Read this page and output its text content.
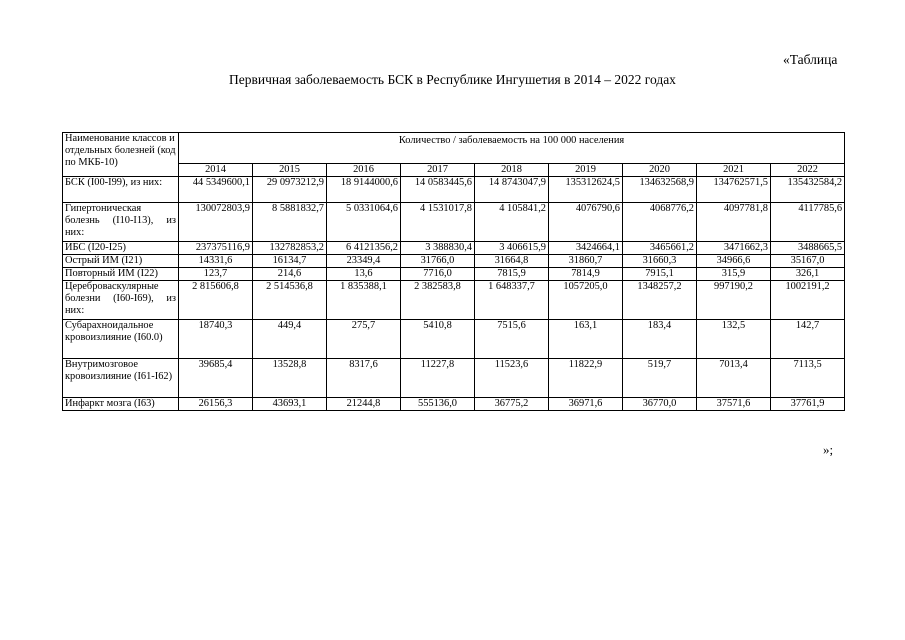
«Таблица
Первичная заболеваемость БСК в Республике Ингушетия в 2014 – 2022 годах
Наименование классов и отдельных болезней (код по МКБ-10)	Количество / заболеваемость на 100 000 населения								
	2014	2015	2016	2017	2018	2019	2020	2021	2022
БСК (I00-I99), из них:	44 5349600,1	29 0973212,9	18 9144000,6	14 0583445,6	14 8743047,9	135312624,5	134632568,9	134762571,5	135432584,2
Гипертоническая болезнь (I10-I13), из них:	130072803,9	8 5881832,7	5 0331064,6	4 1531017,8	4 105841,2	4076790,6	4068776,2	4097781,8	4117785,6
ИБС (I20-I25)	237375116,9	132782853,2	6 4121356,2	3 388830,4	3 406615,9	3424664,1	3465661,2	3471662,3	3488665,5
Острый ИМ (I21)	14331,6	16134,7	23349,4	31766,0	31664,8	31860,7	31660,3	34966,6	35167,0
Повторный ИМ (I22)	123,7	214,6	13,6	7716,0	7815,9	7814,9	7915,1	315,9	326,1
Цереброваскулярные болезни (I60-I69), из них:	2 815606,8	2 514536,8	1 835388,1	2 382583,8	1 648337,7	1057205,0	1348257,2	997190,2	1002191,2
Субарахноидальное кровоизлияние (I60.0)	18740,3	449,4	275,7	5410,8	7515,6	163,1	183,4	132,5	142,7
Внутримозговое кровоизлияние (I61-I62)	39685,4	13528,8	8317,6	11227,8	11523,6	11822,9	519,7	7013,4	7113,5
Инфаркт мозга (I63)	26156,3	43693,1	21244,8	555136,0	36775,2	36971,6	36770,0	37571,6	37761,9
»;
